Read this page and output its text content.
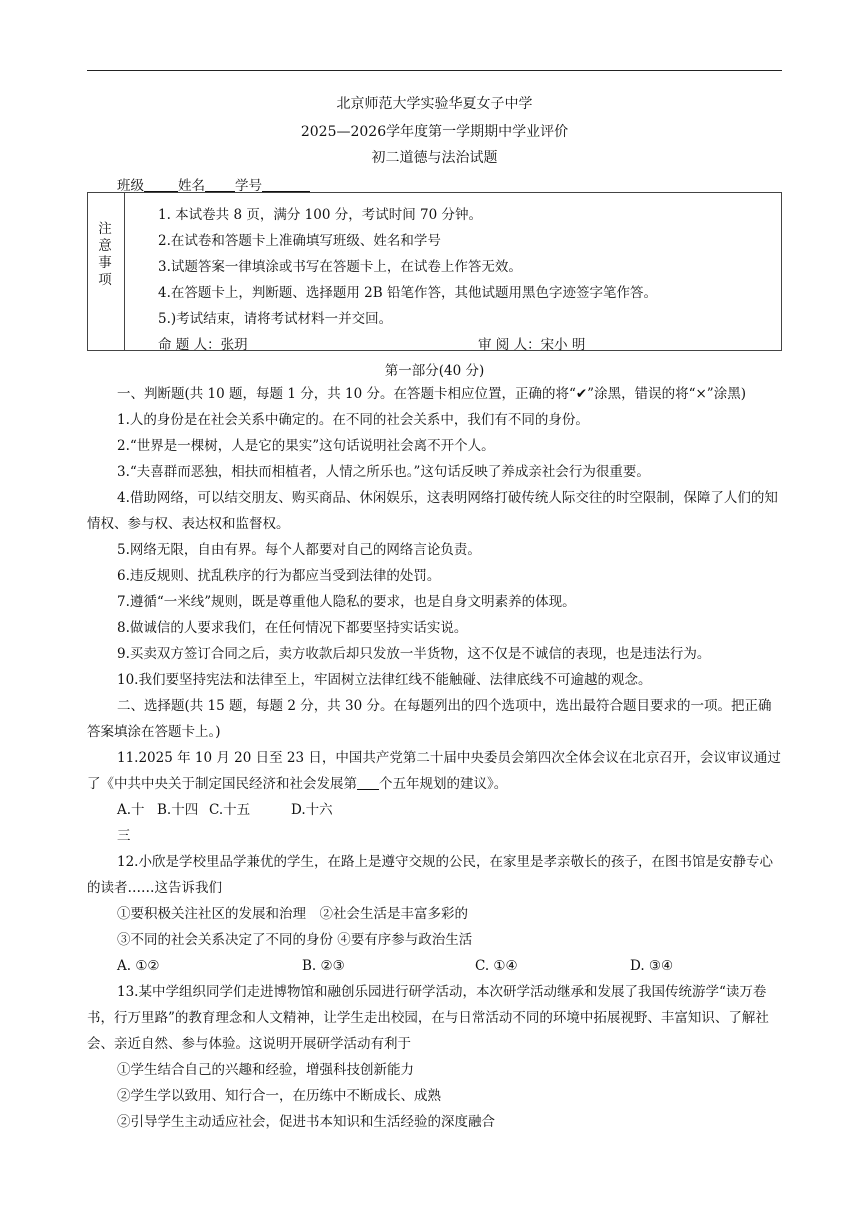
北京师范大学实验华夏女子中学
2025—2026学年度第一学期期中学业评价
初二道德与法治试题
班级	姓名 学号
注意事项
1. 本试卷共 8 页，满分 100 分，考试时间 70 分钟。
2.在试卷和答题卡上准确填写班级、姓名和学号
3.试题答案一律填涂或书写在答题卡上，在试卷上作答无效。
4.在答题卡上，判断题、选择题用 2B 铅笔作答，其他试题用黑色字迹签字笔作答。
5.)考试结束，请将考试材料一并交回。
命 题 人：张玥	审 阅 人：宋小 明
第一部分(40 分)

一、判断题(共 10 题，每题 1 分，共 10 分。在答题卡相应位置，正确的将“✔”涂黑，错误的将“×”涂黑)

1.人的身份是在社会关系中确定的。在不同的社会关系中，我们有不同的身份。

2.“世界是一棵树，人是它的果实”这句话说明社会离不开个人。

3.“夫喜群而恶独，相扶而相植者，人情之所乐也。”这句话反映了养成亲社会行为很重要。

4.借助网络，可以结交朋友、购买商品、休闲娱乐，这表明网络打破传统人际交往的时空限制，保障了人们的知情权、参与权、表达权和监督权。

5.网络无限，自由有界。每个人都要对自己的网络言论负责。

6.违反规则、扰乱秩序的行为都应当受到法律的处罚。

7.遵循“一米线”规则，既是尊重他人隐私的要求，也是自身文明素养的体现。

8.做诚信的人要求我们，在任何情况下都要坚持实话实说。

9.买卖双方签订合同之后，卖方收款后却只发放一半货物，这不仅是不诚信的表现，也是违法行为。

10.我们要坚持宪法和法律至上，牢固树立法律红线不能触碰、法律底线不可逾越的观念。

二、选择题(共 15 题，每题 2 分，共 30 分。在每题列出的四个选项中，选出最符合题目要求的一项。把正确答案填涂在答题卡上。)

11.2025 年 10 月 20 日至 23 日，中国共产党第二十届中央委员会第四次全体会议在北京召开，会议审议通过了《中共中央关于制定国民经济和社会发展第 个五年规划的建议》。

A.十三
B.十四 C.十五	D.十六

12.小欣是学校里品学兼优的学生，在路上是遵守交规的公民，在家里是孝亲敬长的孩子，在图书馆是安静专心的读者……这告诉我们

①要积极关注社区的发展和治理　②社会生活是丰富多彩的

③不同的社会关系决定了不同的身份 ④要有序参与政治生活

A. ①②	B. ②③	C. ①④	D. ③④

13.某中学组织同学们走进博物馆和融创乐园进行研学活动，本次研学活动继承和发展了我国传统游学“读万卷书，行万里路”的教育理念和人文精神，让学生走出校园，在与日常活动不同的环境中拓展视野、丰富知识、了解社会、亲近自然、参与体验。这说明开展研学活动有利于

①学生结合自己的兴趣和经验，增强科技创新能力

②学生学以致用、知行合一，在历练中不断成长、成熟

②引导学生主动适应社会，促进书本知识和生活经验的深度融合
